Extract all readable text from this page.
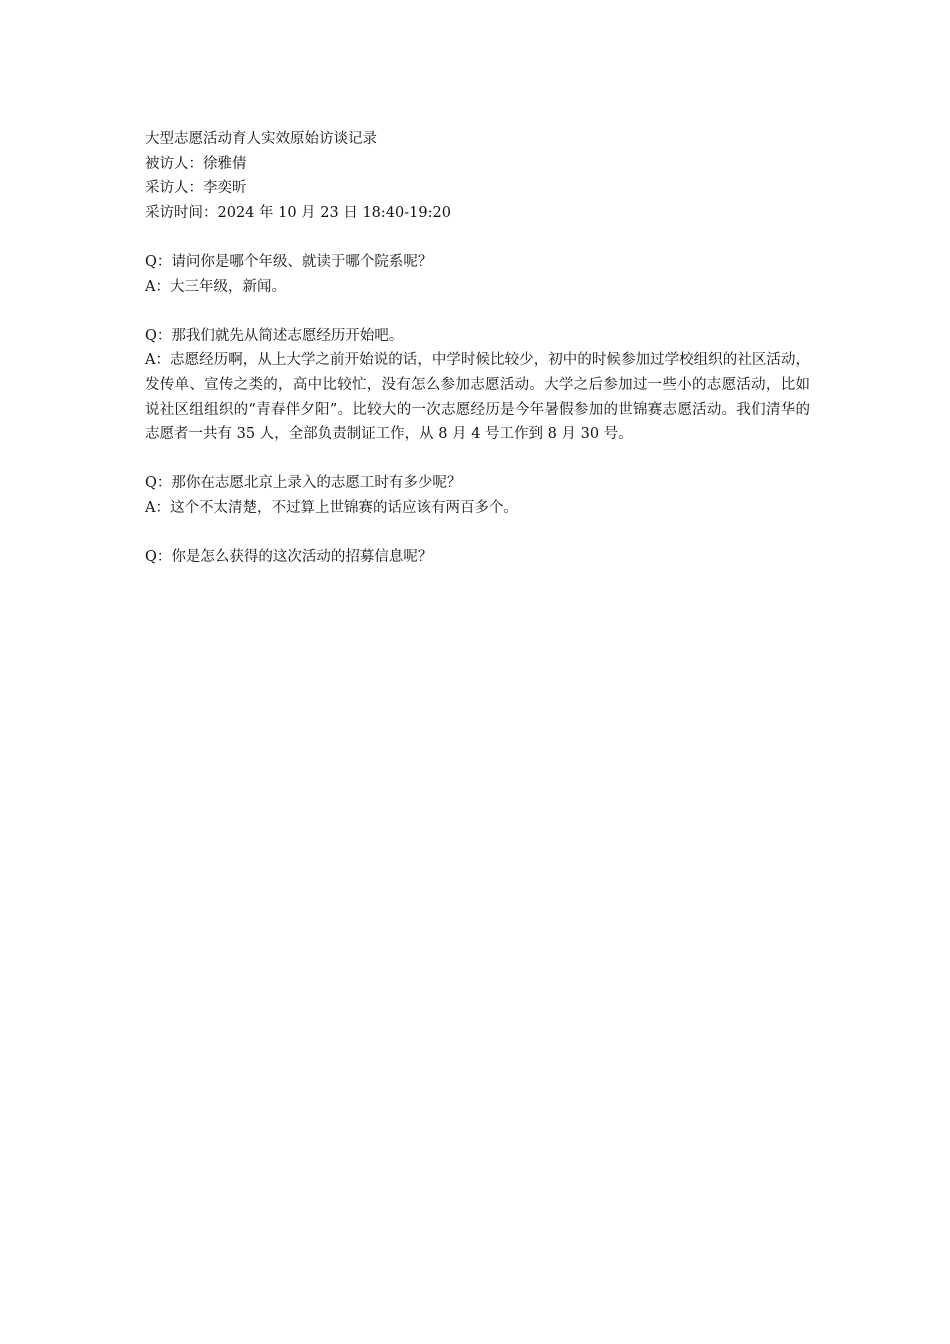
大型志愿活动育人实效原始访谈记录

被访人：徐雅倩

采访人：李奕昕

采访时间：2024 年 10 月 23 日 18:40-19:20

Q：请问你是哪个年级、就读于哪个院系呢？

A：大三年级，新闻。

Q：那我们就先从简述志愿经历开始吧。

A：志愿经历啊，从上大学之前开始说的话，中学时候比较少，初中的时候参加过学校组织的社区活动，发传单、宣传之类的，高中比较忙，没有怎么参加志愿活动。大学之后参加过一些小的志愿活动，比如说社区组组织的“青春伴夕阳”。比较大的一次志愿经历是今年暑假参加的世锦赛志愿活动。我们清华的志愿者一共有 35 人，全部负责制证工作，从 8 月 4 号工作到 8 月 30 号。

Q：那你在志愿北京上录入的志愿工时有多少呢？

A：这个不太清楚，不过算上世锦赛的话应该有两百多个。

Q：你是怎么获得的这次活动的招募信息呢？
